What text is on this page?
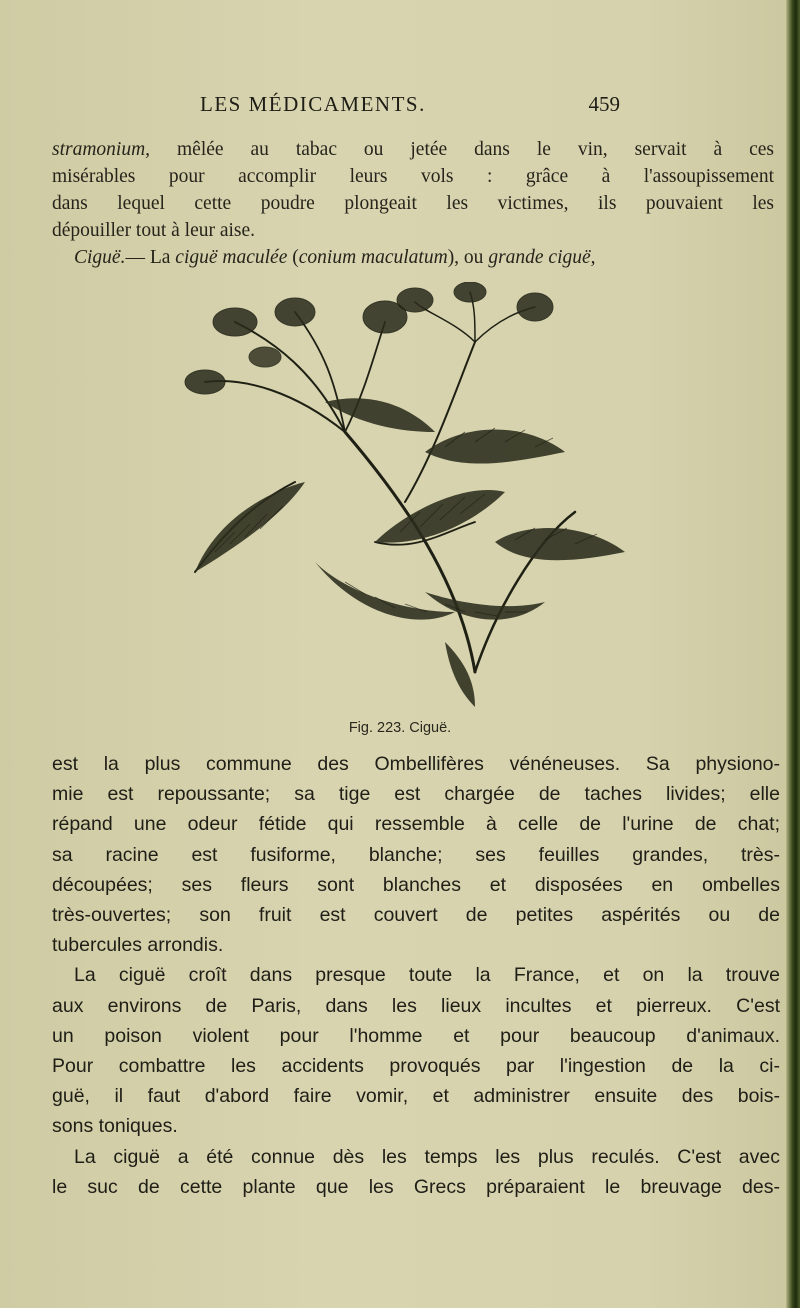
LES MÉDICAMENTS.	459
stramonium, mêlée au tabac ou jetée dans le vin, servait à ces
misérables pour accomplir leurs vols : grâce à l'assoupissement
dans lequel cette poudre plongeait les victimes, ils pouvaient les
dépouiller tout à leur aise.
Ciguë.— La ciguë maculée (conium maculatum), ou grande ciguë,
Fig. 223. Ciguë.
est la plus commune des Ombellifères vénéneuses. Sa physiono-
mie est repoussante; sa tige est chargée de taches livides; elle
répand une odeur fétide qui ressemble à celle de l'urine de chat;
sa racine est fusiforme, blanche; ses feuilles grandes, très-
découpées; ses fleurs sont blanches et disposées en ombelles
très-ouvertes; son fruit est couvert de petites aspérités ou de
tubercules arrondis.
La ciguë croît dans presque toute la France, et on la trouve
aux environs de Paris, dans les lieux incultes et pierreux. C'est
un poison violent pour l'homme et pour beaucoup d'animaux.
Pour combattre les accidents provoqués par l'ingestion de la ci-
guë, il faut d'abord faire vomir, et administrer ensuite des bois-
sons toniques.
La ciguë a été connue dès les temps les plus reculés. C'est avec
le suc de cette plante que les Grecs préparaient le breuvage des-
